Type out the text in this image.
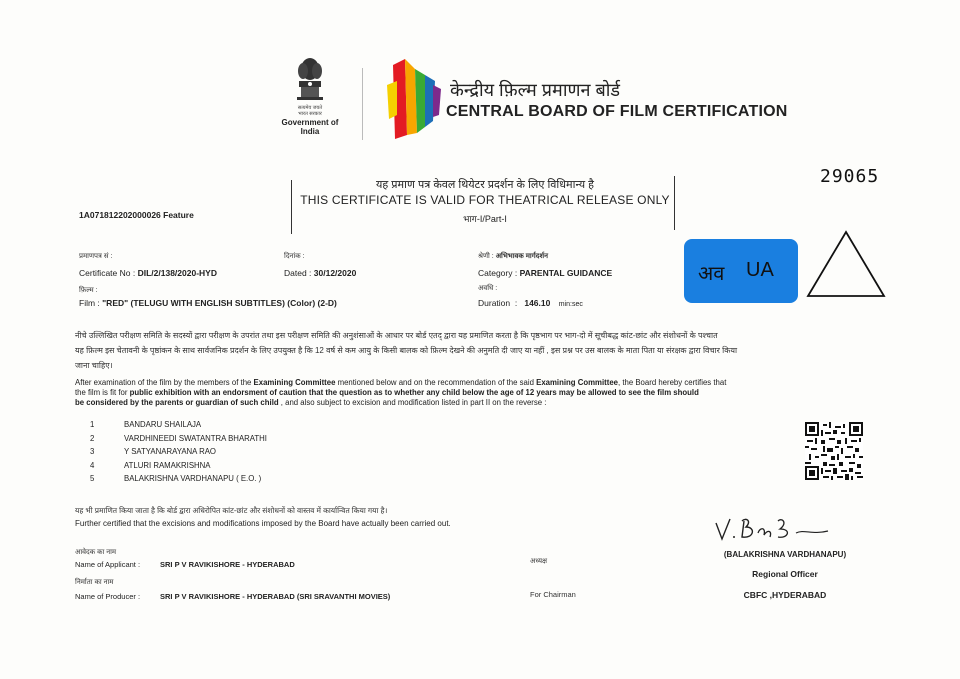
सत्यमेव जयते
भारत सरकार
Government of India
केन्द्रीय फ़िल्म प्रमाणन बोर्ड
CENTRAL BOARD OF FILM CERTIFICATION
29065
यह प्रमाण पत्र केवल थियेटर प्रदर्शन के लिए विधिमान्य है
THIS CERTIFICATE IS VALID FOR THEATRICAL RELEASE ONLY
भाग-I/Part-I
1A071812202000026 Feature
प्रमाणपत्र सं :
Certificate No : DIL/2/138/2020-HYD
दिनांक :
Dated : 30/12/2020
श्रेणी : अभिभावक मार्गदर्शन
Category : PARENTAL GUIDANCE
फ़िल्म :
Film : "RED" (TELUGU WITH ENGLISH SUBTITLES) (Color) (2-D)
अवधि :
Duration  :   146.10 min:sec
अव UA
नीचे उल्लिखित परीक्षण समिति के सदस्यों द्वारा परीक्षण के उपरांत तथा इस परीक्षण समिति की अनुशंसाओं के आधार पर बोर्ड एतद् द्वारा यह प्रमाणित करता है कि पृष्ठभाग पर भाग-दो में सूचीबद्ध कांट-छांट और संशोधनों के पश्चात
यह फ़िल्म इस चेतावनी के पृष्ठांकन के साथ सार्वजनिक प्रदर्शन के लिए उपयुक्त है कि 12 वर्ष से कम आयु के किसी बालक को फ़िल्म देखने की अनुमति दी जाए या नहीं , इस प्रश्न पर उस बालक के माता पिता या संरक्षक द्वारा विचार किया
जाना चाहिए।
After examination of the film by the members of the Examining Committee mentioned below and on the recommendation of the said Examining Committee, the Board hereby certifies that
the film is fit for public exhibition with an endorsment of caution that the question as to whether any child below the age of 12 years may be allowed to see the film should
be considered by the parents or guardian of such child , and also subject to excision and modification listed in part II on the reverse :
1	BANDARU SHAILAJA
2	VARDHINEEDI SWATANTRA BHARATHI
3	Y SATYANARAYANA RAO
4	ATLURI RAMAKRISHNA
5	BALAKRISHNA VARDHANAPU ( E.O. )
यह भी प्रमाणित किया जाता है कि बोर्ड द्वारा अधिरोपित कांट-छांट और संशोधनों को वास्तव में कार्यान्वित किया गया है।
Further certified that the excisions and modifications imposed by the Board have actually been carried out.
आवेदक का नाम
Name of Applicant :	SRI P V RAVIKISHORE - HYDERABAD
निर्माता का नाम
Name of Producer :	SRI P V RAVIKISHORE - HYDERABAD (SRI SRAVANTHI MOVIES)
अध्यक्ष
For Chairman
(BALAKRISHNA VARDHANAPU)
Regional Officer
CBFC ,HYDERABAD
